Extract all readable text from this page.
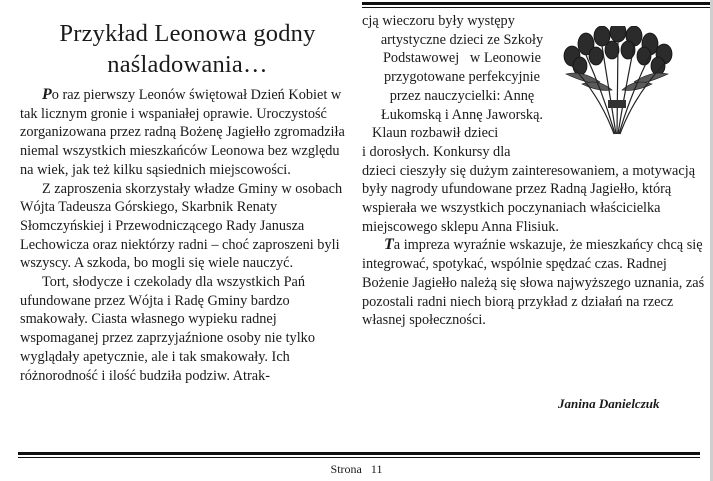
Przykład Leonowa godny
naśladowania…

Po raz pierwszy Leonów świętował Dzień Kobiet w tak licznym gronie i wspaniałej oprawie. Uroczystość zorganizowana przez radną Bożenę Jagiełło zgromadziła niemal wszystkich mieszkańców Leonowa bez względu na wiek, jak też kilku sąsiednich miejscowości.

Z zaproszenia skorzystały władze Gminy w osobach Wójta Tadeusza Górskiego, Skarbnik Renaty Słomczyńskiej i Przewodniczącego Rady Janusza Lechowicza oraz niektórzy radni – choć zaproszeni byli wszyscy. A szkoda, bo mogli się wiele nauczyć.

Tort, słodycze i czekolady dla wszystkich Pań ufundowane przez Wójta i Radę Gminy bardzo smakowały. Ciasta własnego wypieku radnej wspomaganej przez zaprzyjaźnione osoby nie tylko wyglądały apetycznie, ale i tak smakowały. Ich różnorodność i ilość budziła podziw. Atrak-

cją wieczoru były występy
artystyczne dzieci ze Szkoły
Podstawowej   w Leonowie
przygotowane perfekcyjnie
przez nauczycielki: Annę
Łukomską i Annę Jaworską.
Klaun rozbawił dzieci
i dorosłych. Konkursy dla

dzieci cieszyły się dużym zainteresowaniem, a motywacją były nagrody ufundowane przez Radną Jagiełło, którą wspierała we wszystkich poczynaniach właścicielka miejscowego sklepu Anna Flisiuk.

Ta impreza wyraźnie wskazuje, że mieszkańcy chcą się integrować, spotykać, wspólnie spędzać czas. Radnej Bożenie Jagiełło należą się słowa najwyższego uznania, zaś pozostali radni niech biorą przykład z działań na rzecz własnej społeczności.

Janina Danielczuk
Strona 11
